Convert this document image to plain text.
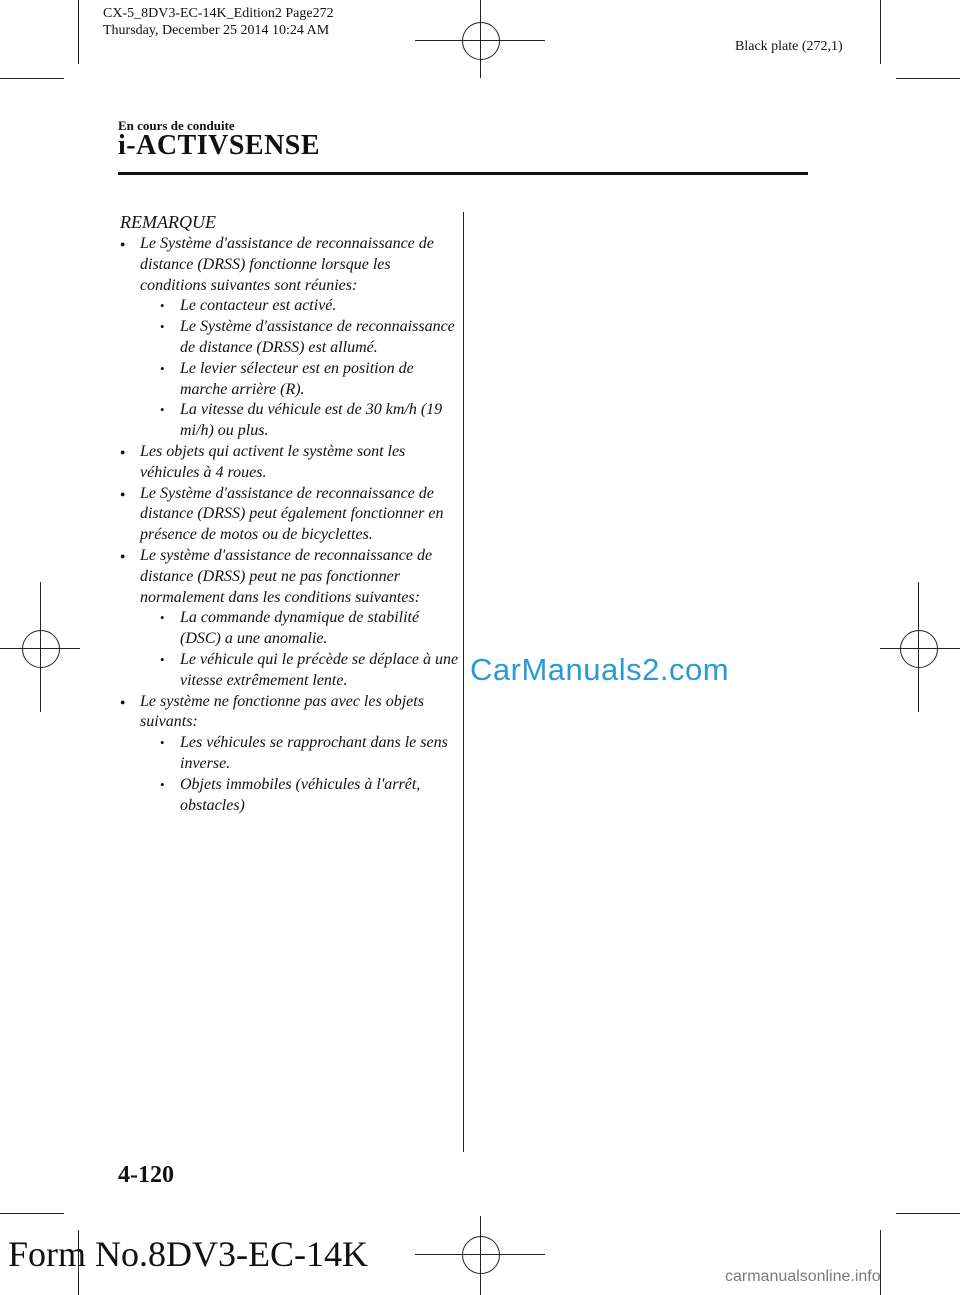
CX-5_8DV3-EC-14K_Edition2 Page272
Thursday, December 25 2014 10:24 AM
Black plate (272,1)
En cours de conduite
i-ACTIVSENSE
REMARQUE
● Le Système d'assistance de reconnaissance de distance (DRSS) fonctionne lorsque les conditions suivantes sont réunies:
• Le contacteur est activé.
• Le Système d'assistance de reconnaissance de distance (DRSS) est allumé.
• Le levier sélecteur est en position de marche arrière (R).
• La vitesse du véhicule est de 30 km/h (19 mi/h) ou plus.
● Les objets qui activent le système sont les véhicules à 4 roues.
● Le Système d'assistance de reconnaissance de distance (DRSS) peut également fonctionner en présence de motos ou de bicyclettes.
● Le système d'assistance de reconnaissance de distance (DRSS) peut ne pas fonctionner normalement dans les conditions suivantes:
• La commande dynamique de stabilité (DSC) a une anomalie.
• Le véhicule qui le précède se déplace à une vitesse extrêmement lente.
● Le système ne fonctionne pas avec les objets suivants:
• Les véhicules se rapprochant dans le sens inverse.
• Objets immobiles (véhicules à l'arrêt, obstacles)
CarManuals2.com
4-120
Form No.8DV3-EC-14K
carmanualsonline.info
